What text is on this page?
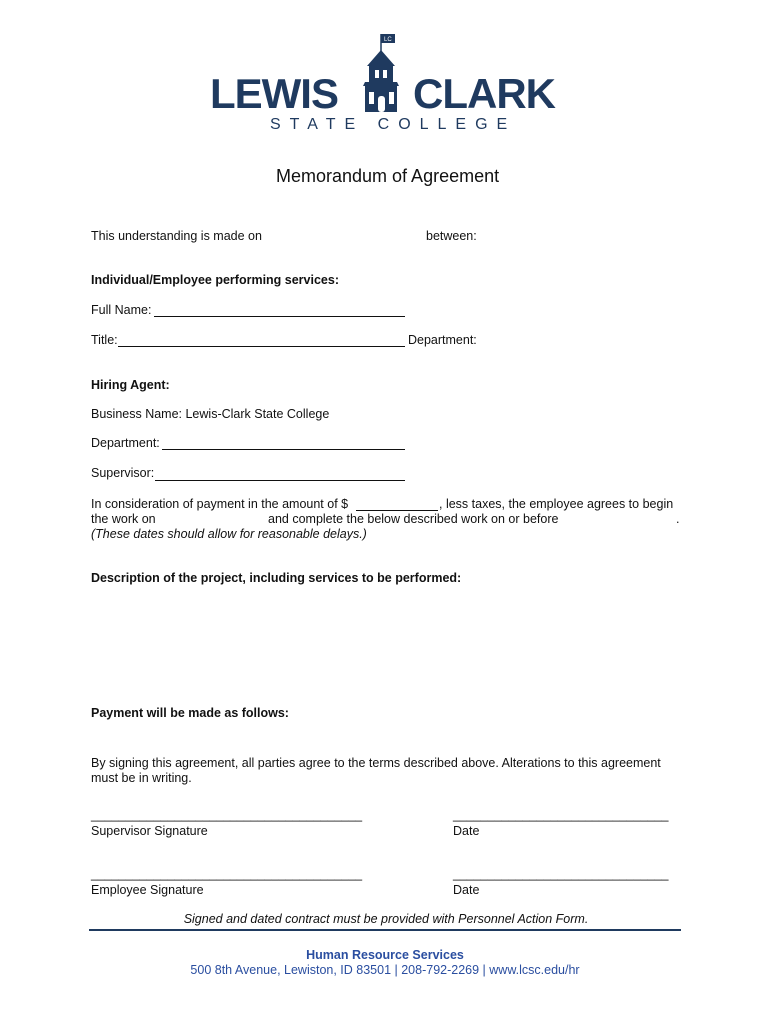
LEWIS
LC
CLARK
STATE COLLEGE
Memorandum of Agreement
This understanding is made on	between:
Individual/Employee performing services:
Full Name:
Title:	Department:
Hiring Agent:
Business Name: Lewis-Clark State College
Department:
Supervisor:
In consideration of payment in the amount of $	, less taxes, the employee agrees to begin
the work on	and complete the below described work on or before	.
(These dates should allow for reasonable delays.)
Description of the project, including services to be performed:
Payment will be made as follows:
By signing this agreement, all parties agree to the terms described above. Alterations to this agreement
must be in writing.
_______________________________________	_______________________________
Supervisor Signature	Date
_______________________________________	_______________________________
Employee Signature	Date
Signed and dated contract must be provided with Personnel Action Form.
Human Resource Services
500 8th Avenue, Lewiston, ID 83501 | 208-792-2269 | www.lcsc.edu/hr
